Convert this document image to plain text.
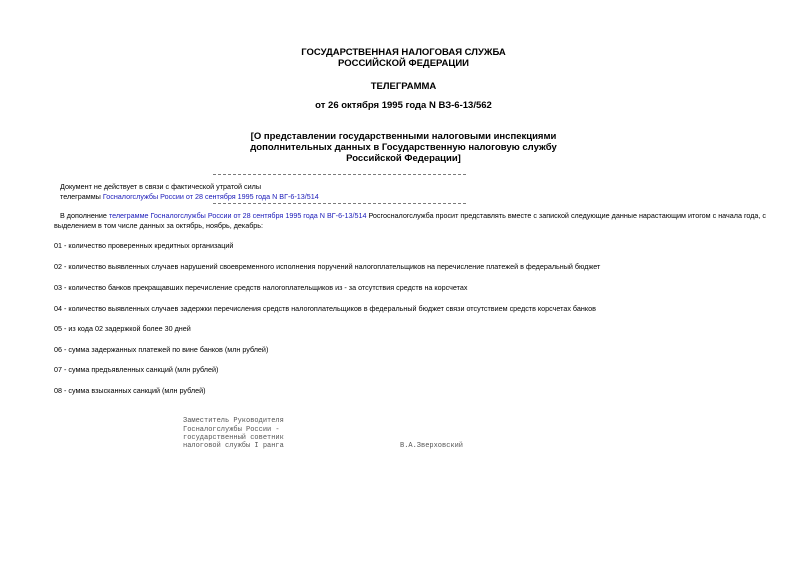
ГОСУДАРСТВЕННАЯ НАЛОГОВАЯ СЛУЖБА
РОССИЙСКОЙ ФЕДЕРАЦИИ
ТЕЛЕГРАММА
от 26 октября 1995 года N ВЗ-6-13/562
[О представлении государственными налоговыми инспекциями
дополнительных данных в Государственную налоговую службу
Российской Федерации]
Документ не действует в связи с фактической утратой силы
телеграммы Госналогслужбы России от 28 сентября 1995 года N ВГ-6-13/514
В дополнение телеграмме Госналогслужбы России от 28 сентября 1995 года N ВГ-6-13/514 Росгосналогслужба просит представлять вместе с запиской следующие данные нарастающим итогом с начала года, с
выделением в том числе данных за октябрь, ноябрь, декабрь:
01 - количество проверенных кредитных организаций
02 - количество выявленных случаев нарушений своевременного исполнения поручений налогоплательщиков на перечисление платежей в федеральный бюджет
03 - количество банков прекращавших перечисление средств налогоплательщиков из - за отсутствия средств на корсчетах
04 - количество выявленных случаев задержки перечисления средств налогоплательщиков в федеральный бюджет связи отсутствием средств корсчетах банков
05 - из кода 02 задержкой более 30 дней
06 - сумма задержанных платежей по вине банков (млн рублей)
07 - сумма предъявленных санкций (млн рублей)
08 - сумма взысканных санкций (млн рублей)
Заместитель Руководителя
Госналогслужбы России -
государственный советник
налоговой службы I ранга	В.А.Зверховский
